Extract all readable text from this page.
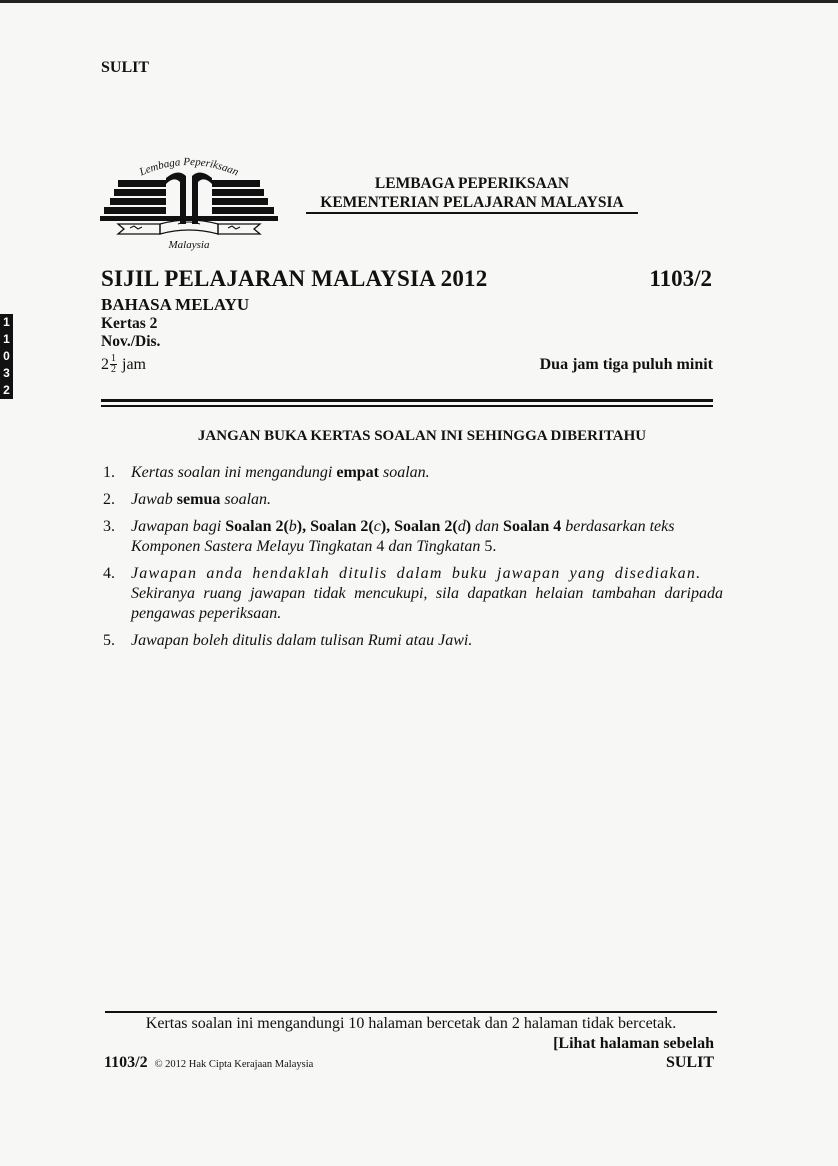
SULIT
Lembaga Peperiksaan
Malaysia
LEMBAGA PEPERIKSAAN
KEMENTERIAN PELAJARAN MALAYSIA
SIJIL PELAJARAN MALAYSIA 2012	1103/2
BAHASA MELAYU
Kertas 2
Nov./Dis.
$2 \frac{1}{2}$ jam	Dua jam tiga puluh minit
1
1
0
3
2
JANGAN BUKA KERTAS SOALAN INI SEHINGGA DIBERITAHU
1.	Kertas soalan ini mengandungi empat soalan.
2.	Jawab semua soalan.
3.	Jawapan bagi Soalan 2(b), Soalan 2(c), Soalan 2(d) dan Soalan 4 berdasarkan teks Komponen Sastera Melayu Tingkatan 4 dan Tingkatan 5.
4.	Jawapan anda hendaklah ditulis dalam buku jawapan yang disediakan.
Sekiranya ruang jawapan tidak mencukupi, sila dapatkan helaian tambahan daripada pengawas peperiksaan.
5.	Jawapan boleh ditulis dalam tulisan Rumi atau Jawi.
Kertas soalan ini mengandungi 10 halaman bercetak dan 2 halaman tidak bercetak.
[Lihat halaman sebelah
1103/2 © 2012 Hak Cipta Kerajaan Malaysia	SULIT
